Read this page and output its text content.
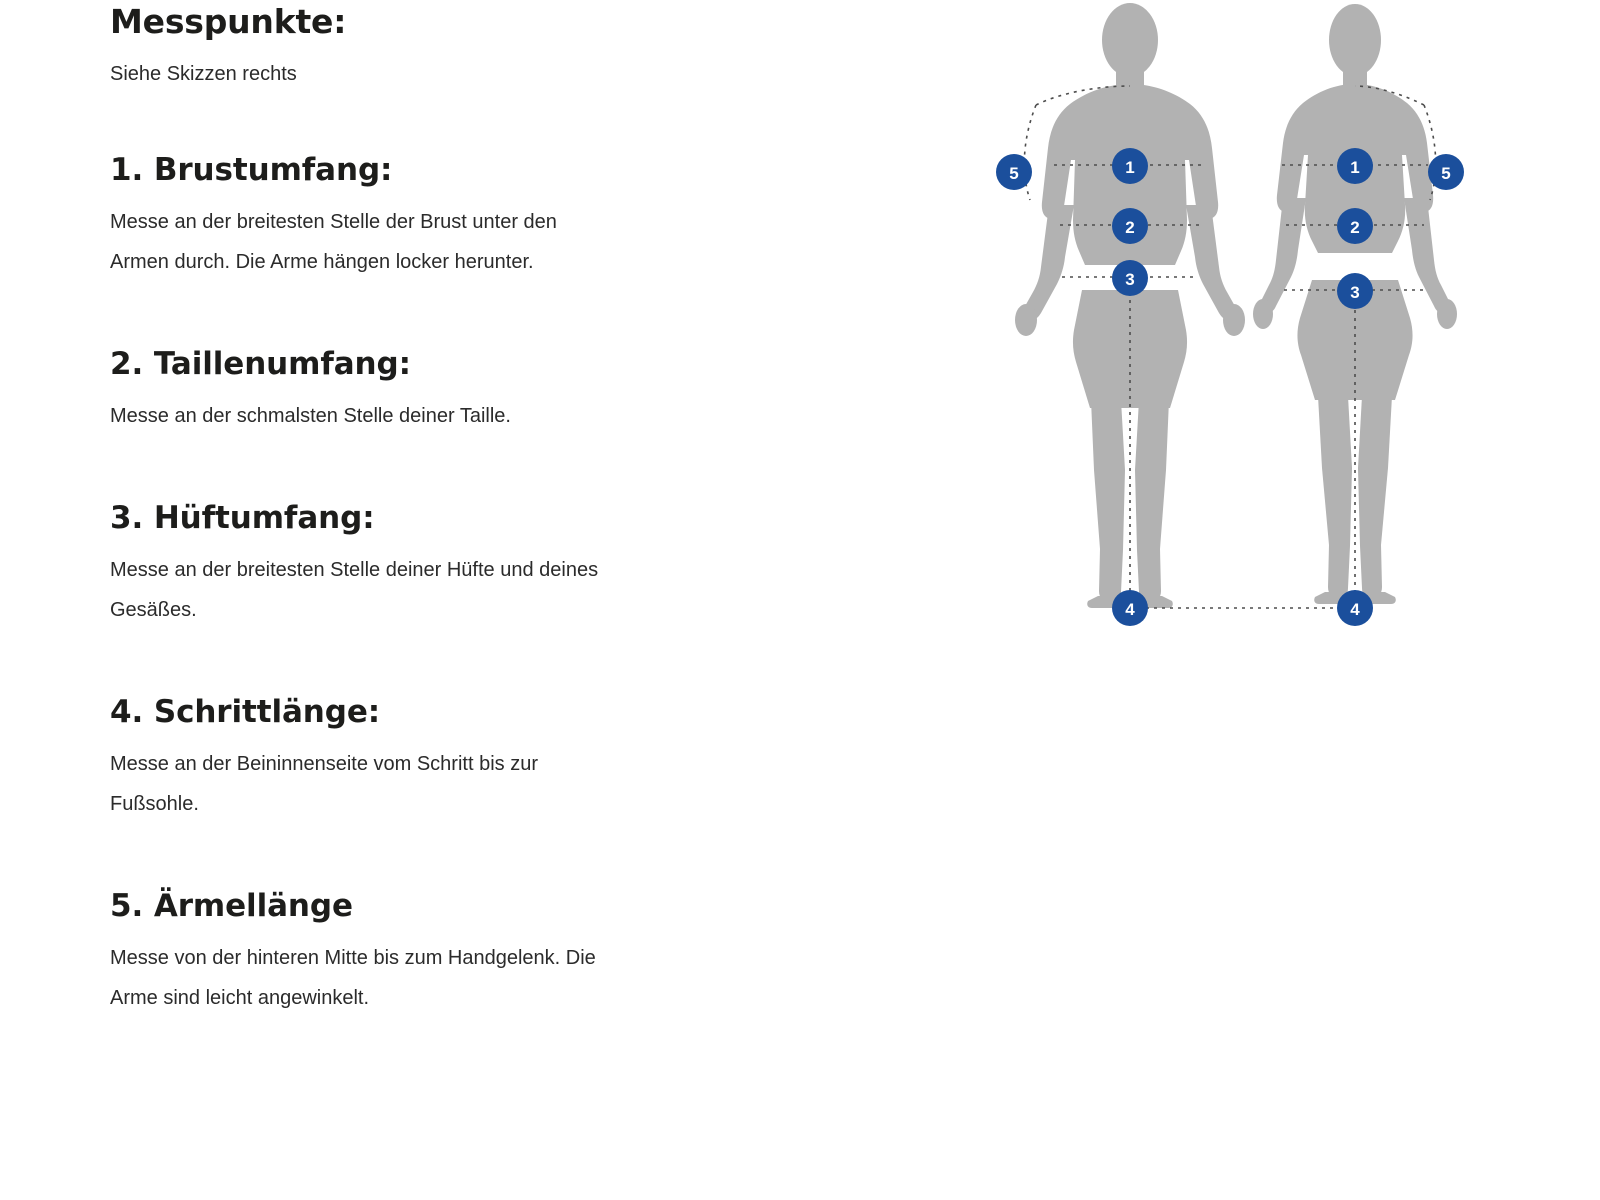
Messpunkte:

Siehe Skizzen rechts

1. Brustumfang:

Messe an der breitesten Stelle der Brust unter den Armen durch. Die Arme hängen locker herunter.

2. Taillenumfang:

Messe an der schmalsten Stelle deiner Taille.

3. Hüftumfang:

Messe an der breitesten Stelle deiner Hüfte und deines Gesäßes.

4. Schrittlänge:

Messe an der Beininnenseite vom Schritt bis zur Fußsohle.

5. Ärmellänge

Messe von der hinteren Mitte bis zum Handgelenk. Die Arme sind leicht angewinkelt.

5	1
2
3
4
1	5
2
3
4
